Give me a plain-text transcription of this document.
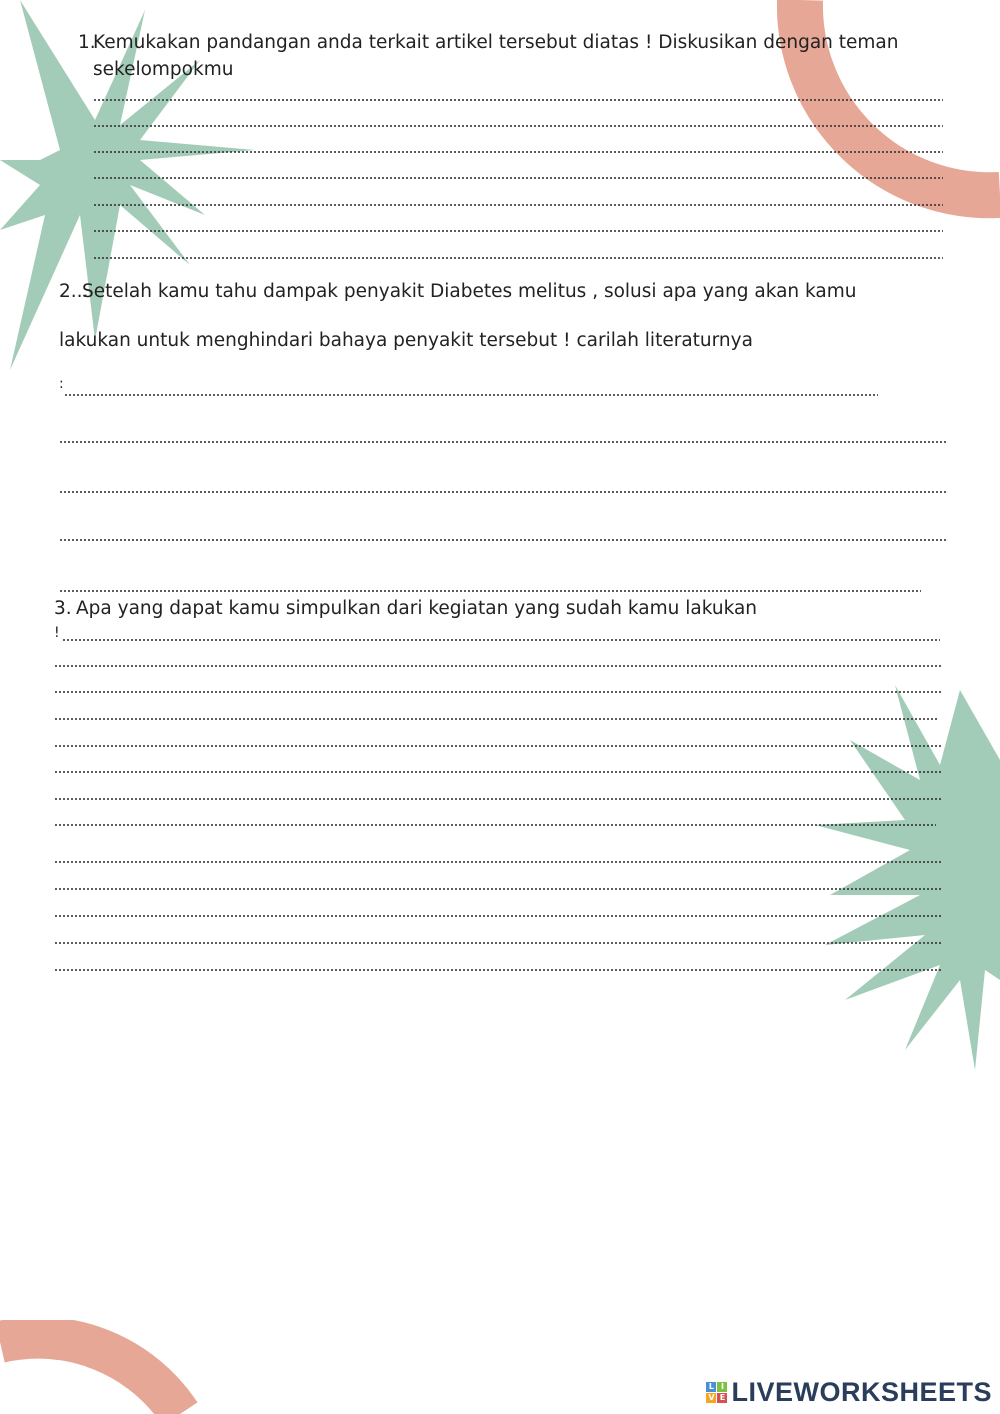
1.
Kemukakan pandangan anda terkait artikel tersebut diatas ! Diskusikan dengan teman
sekelompokmu
2...
Setelah kamu tahu dampak penyakit Diabetes melitus , solusi apa yang akan kamu
lakukan untuk menghindari bahaya penyakit tersebut ! carilah literaturnya
:
3. Apa yang dapat kamu simpulkan dari kegiatan yang sudah kamu lakukan
!
L I
V E LIVEWORKSHEETS
